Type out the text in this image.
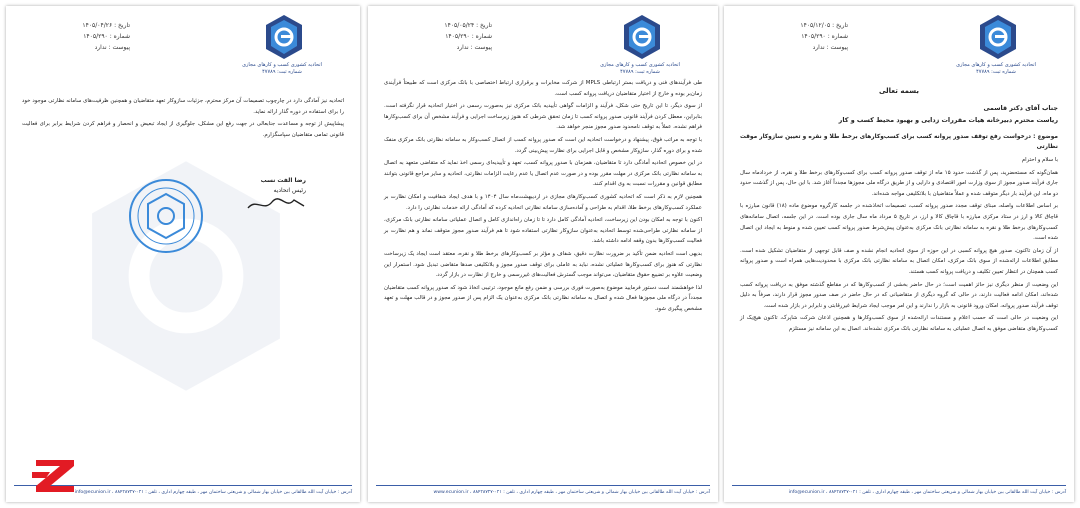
اتحادیه کشوری کسب و کارهای مجازی
شماره ثبت: ۴۷۷۸۹
تاریخ : ۱۴۰۵/۱۲/۰۵
شماره : ۱۴۰۵/۲۹۰
پیوست : ندارد

بسمه تعالی

جناب آقای دکتر قاسمی

ریاست محترم دبیرخانه هیات مقررات زدایی و بهبود محیط کسب و کار

موضوع : درخواست رفع توقف صدور پروانه کسب برای کسب‌وکارهای برخط طلا و نقره و تعیین سازوکار موقت نظارتی

با سلام و احترام

همان‌گونه که مستحضرید، پس از گذشت حدود ۱۵ ماه از توقف صدور پروانه کسب برای کسب‌وکارهای برخط طلا و نقره، از خردادماه سال جاری فرآیند صدور مجوز از سوی وزارت امور اقتصادی و دارایی و از طریق درگاه ملی مجوزها مجدداً آغاز شد. با این حال، پس از گذشت حدود دو ماه، این فرآیند بار دیگر متوقف شده و عملاً متقاضیان با بلاتکلیفی مواجه شده‌اند.

بر اساس اطلاعات واصله، مبنای توقف مجدد صدور پروانه کسب، تصمیمات اتخاذشده در جلسه کارگروه موضوع ماده (۱۸) قانون مبارزه با قاچاق کالا و ارز در ستاد مرکزی مبارزه با قاچاق کالا و ارز، در تاریخ ۵ مرداد ماه سال جاری بوده است. در این جلسه، اتصال سامانه‌های کسب‌وکارهای برخط طلا و نقره به سامانه نظارتی بانک مرکزی به‌عنوان پیش‌شرط صدور پروانه کسب تعیین شده و منوط به ایجاد این اتصال شده است.

از آن زمان تاکنون، صدور هیچ پروانه کسبی در این حوزه از سوی اتحادیه انجام نشده و صف قابل توجهی از متقاضیان تشکیل شده است. مطابق اطلاعات ارائه‌شده از سوی بانک مرکزی، امکان اتصال به سامانه نظارتی بانک مرکزی با محدودیت‌هایی همراه است و صدور پروانه کسب همچنان در انتظار تعیین تکلیف و دریافت پروانه کسب هستند.

این وضعیت از منظر دیگری نیز حائز اهمیت است؛ در حال حاضر بخشی از کسب‌وکارها که در مقاطع گذشته موفق به دریافت پروانه کسب شده‌اند، امکان ادامه فعالیت دارند، در حالی که گروه دیگری از متقاضیانی که در حال حاضر در صف صدور مجوز قرار دارند، صرفاً به دلیل توقف فرآیند صدور پروانه، امکان ورود قانونی به بازار را ندارند و این امر موجب ایجاد شرایط غیررقابتی و نابرابر در بازار شده است.

این وضعیت در حالی است که حسب اعلام و مستندات ارائه‌شده از سوی کسب‌وکارها و همچنین اذعان شرکت شاپرک، تاکنون هیچ‌یک از کسب‌وکارهای متقاضی موفق به اتصال عملیاتی به سامانه نظارتی بانک مرکزی نشده‌اند. اتصال به این سامانه نیز مستلزم

آدرس : خیابان آیت الله طالقانی بین خیابان بهار شمالی و شریعتی ساختمان مهر ، طبقه چهارم اداری ، تلفن : ۰۲۱-۸۸۴۲۸۷۲۷ ، info@ecunion.ir
اتحادیه کشوری کسب و کارهای مجازی
شماره ثبت: ۴۷۷۸۹
تاریخ : ۱۴۰۵/۰۵/۲۴
شماره : ۱۴۰۵/۲۹۰
پیوست : ندارد

طی فرآیندهای فنی و دریافت بستر ارتباطی MPLS از شرکت مخابرات و برقراری ارتباط اختصاصی با بانک مرکزی است که طبیعتاً فرآیندی زمان‌بر بوده و خارج از اختیار متقاضیان دریافت پروانه کسب است.

از سوی دیگر، تا این تاریخ حتی شکل، فرآیند و الزامات گواهی تأییدیه بانک مرکزی نیز به‌صورت رسمی در اختیار اتحادیه قرار نگرفته است. بنابراین، معطل کردن فرآیند قانونی صدور پروانه کسب تا زمان تحقق شرطی که هنوز زیرساخت اجرایی و فرآیند مشخص آن برای کسب‌وکارها فراهم نشده، عملاً به توقف نامحدود صدور مجوز منجر خواهد شد.

با توجه به مراتب فوق، پیشنهاد و درخواست اتحادیه این است که صدور پروانه کسب از اتصال کسب‌وکار به سامانه نظارتی بانک مرکزی منفک شده و برای دوره گذار، سازوکار مشخص و قابل اجرایی برای نظارت پیش‌بینی گردد.

در این خصوص اتحادیه آمادگی دارد تا متقاضیان، همزمان با صدور پروانه کسب، تعهد و تأییدیه‌ای رسمی اخذ نماید که متقاضی متعهد به اتصال به سامانه نظارتی بانک مرکزی در مهلت مقرر بوده و در صورت عدم اتصال یا عدم رعایت الزامات نظارتی، اتحادیه و سایر مراجع قانونی بتوانند مطابق قوانین و مقررات نسبت به وی اقدام کنند.

همچنین لازم به ذکر است که اتحادیه کشوری کسب‌وکارهای مجازی در اردیبهشت‌ماه سال ۱۴۰۴ و با هدف ایجاد شفافیت و امکان نظارت بر عملکرد کسب‌وکارهای برخط طلا، اقدام به طراحی و آماده‌سازی سامانه نظارتی اتحادیه کرده که آمادگی ارائه خدمات نظارتی را دارد.

اکنون با توجه به امکان بودن این زیرساخت، اتحادیه آمادگی کامل دارد تا تا زمان راه‌اندازی کامل و اتصال عملیاتی سامانه نظارتی بانک مرکزی، از سامانه نظارتی طراحی‌شده توسط اتحادیه به‌عنوان سازوکار نظارتی استفاده شود تا هم فرآیند صدور مجوز متوقف نماند و هم نظارت بر فعالیت کسب‌وکارها بدون وقفه ادامه داشته باشد.

بدیهی است اتحادیه ضمن تأکید بر ضرورت نظارت دقیق، شفاف و مؤثر بر کسب‌وکارهای برخط طلا و نقره، معتقد است ایجاد یک زیرساخت نظارتی که هنوز برای کسب‌وکارها عملیاتی نشده، نباید به عاملی برای توقف صدور مجوز و بلاتکلیفی صدها متقاضی تبدیل شود. استمرار این وضعیت علاوه بر تضییع حقوق متقاضیان، می‌تواند موجب گسترش فعالیت‌های غیررسمی و خارج از نظارت در بازار گردد.

لذا خواهشمند است دستور فرمایید موضوع به‌صورت فوری بررسی و ضمن رفع مانع موجود، ترتیبی اتخاذ شود که صدور پروانه کسب متقاضیان مجدداً در درگاه ملی مجوزها فعال شده و اتصال به سامانه نظارتی بانک مرکزی به‌عنوان یک الزام پس از صدور مجوز و در قالب مهلت و تعهد مشخص پیگیری شود.

آدرس : خیابان آیت الله طالقانی بین خیابان بهار شمالی و شریعتی ساختمان مهر ، طبقه چهارم اداری ، تلفن : ۰۲۱-۸۸۴۲۸۷۲۷ ، www.ecunion.ir
اتحادیه کشوری کسب و کارهای مجازی
شماره ثبت: ۴۷۷۸۹
تاریخ : ۱۴۰۵/۰۴/۲۶
شماره : ۱۴۰۵/۲۹۰
پیوست : ندارد

اتحادیه نیز آمادگی دارد در چارچوب تصمیمات آن مرکز محترم، جزئیات سازوکار تعهد متقاضیان و همچنین ظرفیت‌های سامانه نظارتی موجود خود را برای استفاده در دوره گذار ارائه نماید.

پیشاپیش از توجه و مساعدت جنابعالی در جهت رفع این مشکل، جلوگیری از ایجاد تبعیض و انحصار و فراهم کردن شرایط برابر برای فعالیت قانونی تمامی متقاضیان سپاسگزارم.

رضا الفت نسب
رئیس اتحادیه
آدرس : خیابان آیت الله طالقانی بین خیابان بهار شمالی و شریعتی ساختمان مهر ، طبقه چهارم اداری ، تلفن : ۰۲۱-۸۸۴۲۸۷۲۷ ، info@ecunion.ir
